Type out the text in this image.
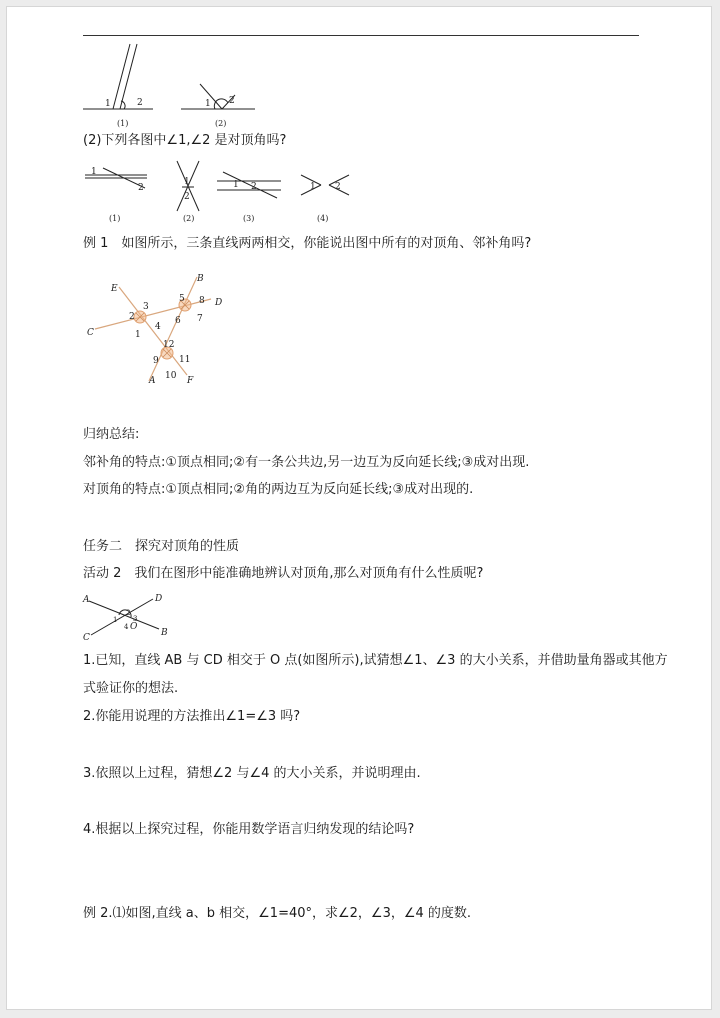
1	2
(1)
1 2
(2)
(2)下列各图中∠1,∠2 是对顶角吗?
1
2
(1)
1
2
(2)
1 2
(3)
1 2
(4)
例 1　如图所示，三条直线两两相交，你能说出图中所有的对顶角、邻补角吗?
E
B
D
C
A	F
2
3
1
4
5 8
6 7
12
9 11
10
归纳总结:
邻补角的特点:①顶点相同;②有一条公共边,另一边互为反向延长线;③成对出现.
对顶角的特点:①顶点相同;②角的两边互为反向延长线;③成对出现的.
任务二　探究对顶角的性质
活动 2　我们在图形中能准确地辨认对顶角,那么对顶角有什么性质呢?
A	D
C	B
O
1
2
3
4
1.已知，直线 AB 与 CD 相交于 O 点(如图所示),试猜想∠1、∠3 的大小关系，并借助量角器或其他方
式验证你的想法.
2.你能用说理的方法推出∠1=∠3 吗?
3.依照以上过程，猜想∠2 与∠4 的大小关系，并说明理由.
4.根据以上探究过程，你能用数学语言归纳发现的结论吗?
例 2.⑴如图,直线 a、b 相交，∠1=40°，求∠2，∠3，∠4 的度数.
